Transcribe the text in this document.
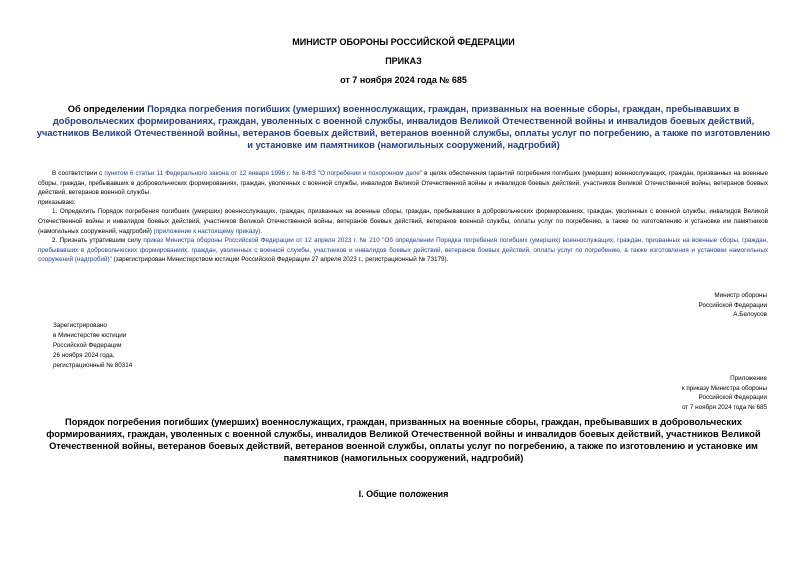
МИНИСТР ОБОРОНЫ РОССИЙСКОЙ ФЕДЕРАЦИИ
ПРИКАЗ
от 7 ноября 2024 года № 685
Об определении Порядка погребения погибших (умерших) военнослужащих, граждан, призванных на военные сборы, граждан, пребывавших в добровольческих формированиях, граждан, уволенных с военной службы, инвалидов Великой Отечественной войны и инвалидов боевых действий, участников Великой Отечественной войны, ветеранов боевых действий, ветеранов военной службы, оплаты услуг по погребению, а также по изготовлению и установке им памятников (намогильных сооружений, надгробий)

В соответствии с пунктом 6 статьи 11 Федерального закона от 12 января 1996 г. № 8-ФЗ "О погребении и похоронном деле" в целях обеспечения гарантий погребения погибших (умерших) военнослужащих, граждан, призванных на военные сборы, граждан, пребывавших в добровольческих формированиях, граждан, уволенных с военной службы, инвалидов Великой Отечественной войны и инвалидов боевых действий, участников Великой Отечественной войны, ветеранов боевых действий, ветеранов военной службы

приказываю:

1. Определить Порядок погребения погибших (умерших) военнослужащих, граждан, призванных на военные сборы, граждан, пребывавших в добровольческих формированиях, граждан, уволенных с военной службы, инвалидов Великой Отечественной войны и инвалидов боевых действий, участников Великой Отечественной войны, ветеранов боевых действий, ветеранов военной службы, оплаты услуг по погребению, а также по изготовлению и установке им памятников (намогильных сооружений, надгробий) (приложение к настоящему приказу).

2. Признать утратившим силу приказ Министра обороны Российской Федерации от 12 апреля 2023 г. № 210 "Об определении Порядка погребения погибших (умерших) военнослужащих, граждан, призванных на военные сборы, граждан, пребывавших в добровольческих формированиях, граждан, уволенных с военной службы, участников и инвалидов боевых действий, ветеранов боевых действий, оплаты услуг по погребению, а также изготовления и установки намогильных сооружений (надгробий)" (зарегистрирован Министерством юстиции Российской Федерации 27 апреля 2023 г., регистрационный № 73179).

Министр обороны
Российской Федерации
А.Белоусов
Зарегистрировано
в Министерстве юстиции
Российской Федерации
26 ноября 2024 года,
регистрационный № 80314
Приложение
к приказу Министра обороны
Российской Федерации
от 7 ноября 2024 года № 685
Порядок погребения погибших (умерших) военнослужащих, граждан, призванных на военные сборы, граждан, пребывавших в добровольческих формированиях, граждан, уволенных с военной службы, инвалидов Великой Отечественной войны и инвалидов боевых действий, участников Великой Отечественной войны, ветеранов боевых действий, ветеранов военной службы, оплаты услуг по погребению, а также по изготовлению и установке им памятников (намогильных сооружений, надгробий)
I. Общие положения
